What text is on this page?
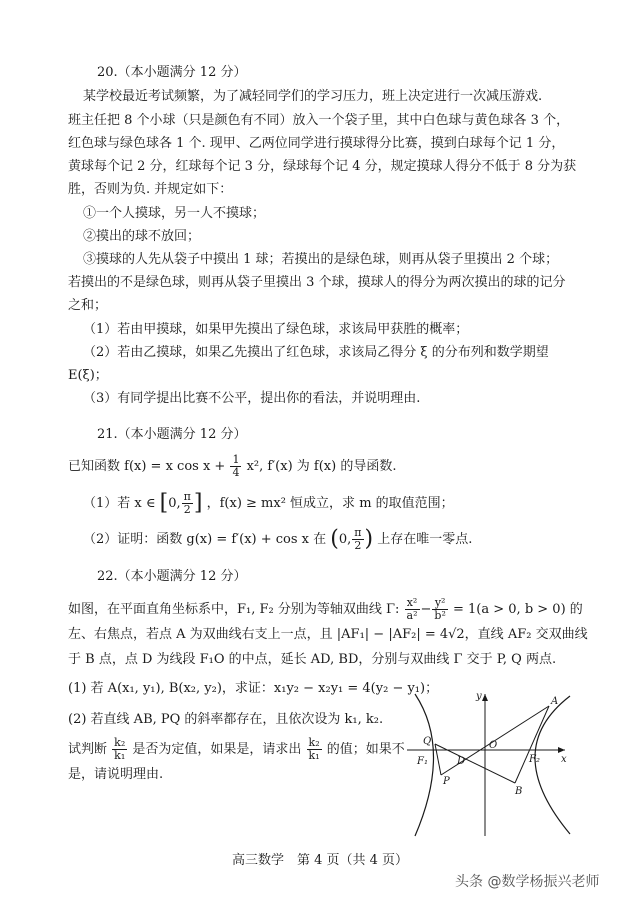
20.（本小题满分 12 分）
某学校最近考试频繁，为了减轻同学们的学习压力，班上决定进行一次减压游戏.
班主任把 8 个小球（只是颜色有不同）放入一个袋子里，其中白色球与黄色球各 3 个，
红色球与绿色球各 1 个. 现甲、乙两位同学进行摸球得分比赛，摸到白球每个记 1 分，
黄球每个记 2 分，红球每个记 3 分，绿球每个记 4 分，规定摸球人得分不低于 8 分为获
胜，否则为负. 并规定如下：
①一个人摸球，另一人不摸球；
②摸出的球不放回；
③摸球的人先从袋子中摸出 1 球；若摸出的是绿色球，则再从袋子里摸出 2 个球；
若摸出的不是绿色球，则再从袋子里摸出 3 个球，摸球人的得分为两次摸出的球的记分
之和；
（1）若由甲摸球，如果甲先摸出了绿色球，求该局甲获胜的概率；
（2）若由乙摸球，如果乙先摸出了红色球，求该局乙得分 ξ 的分布列和数学期望
E(ξ)；
（3）有同学提出比赛不公平，提出你的看法，并说明理由.
21.（本小题满分 12 分）
已知函数 f(x) = x $\cos x + \frac{1}{4} x^2$, f′(x) 为 f(x) 的导函数.
（1）若 x ∈ [0, $\frac{\pi}{2}$ ] ，f(x) ≥ mx² 恒成立，求 m 的取值范围；
（2）证明：函数 g(x) = f′(x) + cos x 在 (0, $\frac{\pi}{2}$ ) 上存在唯一零点.
22.（本小题满分 12 分）
如图，在平面直角坐标系中，F₁, F₂ 分别为等轴双曲线 Γ: $\frac{\text{x²}}{\text{a²}} - \frac{\text{y²}}{\text{b²}} = 1(a > 0$, b > 0) 的
左、右焦点，若点 A 为双曲线右支上一点，且 |AF₁| − |AF₂| = 4√2，直线 AF₂ 交双曲线
于 B 点，点 D 为线段 F₁O 的中点，延长 AD, BD，分别与双曲线 Γ 交于 P, Q 两点.
(1) 若 A(x₁, y₁), B(x₂, y₂)，求证：x₁y₂ − x₂y₁ = 4(y₂ − y₁)；
(2) 若直线 AB, PQ 的斜率都存在，且依次设为 k₁, k₂.
试判断 $\frac{\text{k₂}}{\text{k₁}}$ 是否为定值，如果是，请求出 $\frac{\text{k₂}}{\text{k₁}}$ 的值；如果不
是，请说明理由.
y
x
A
B
Q
P
D
O
F₁	F₂
高三数学　第 4 页（共 4 页）
头条 @数学杨振兴老师
